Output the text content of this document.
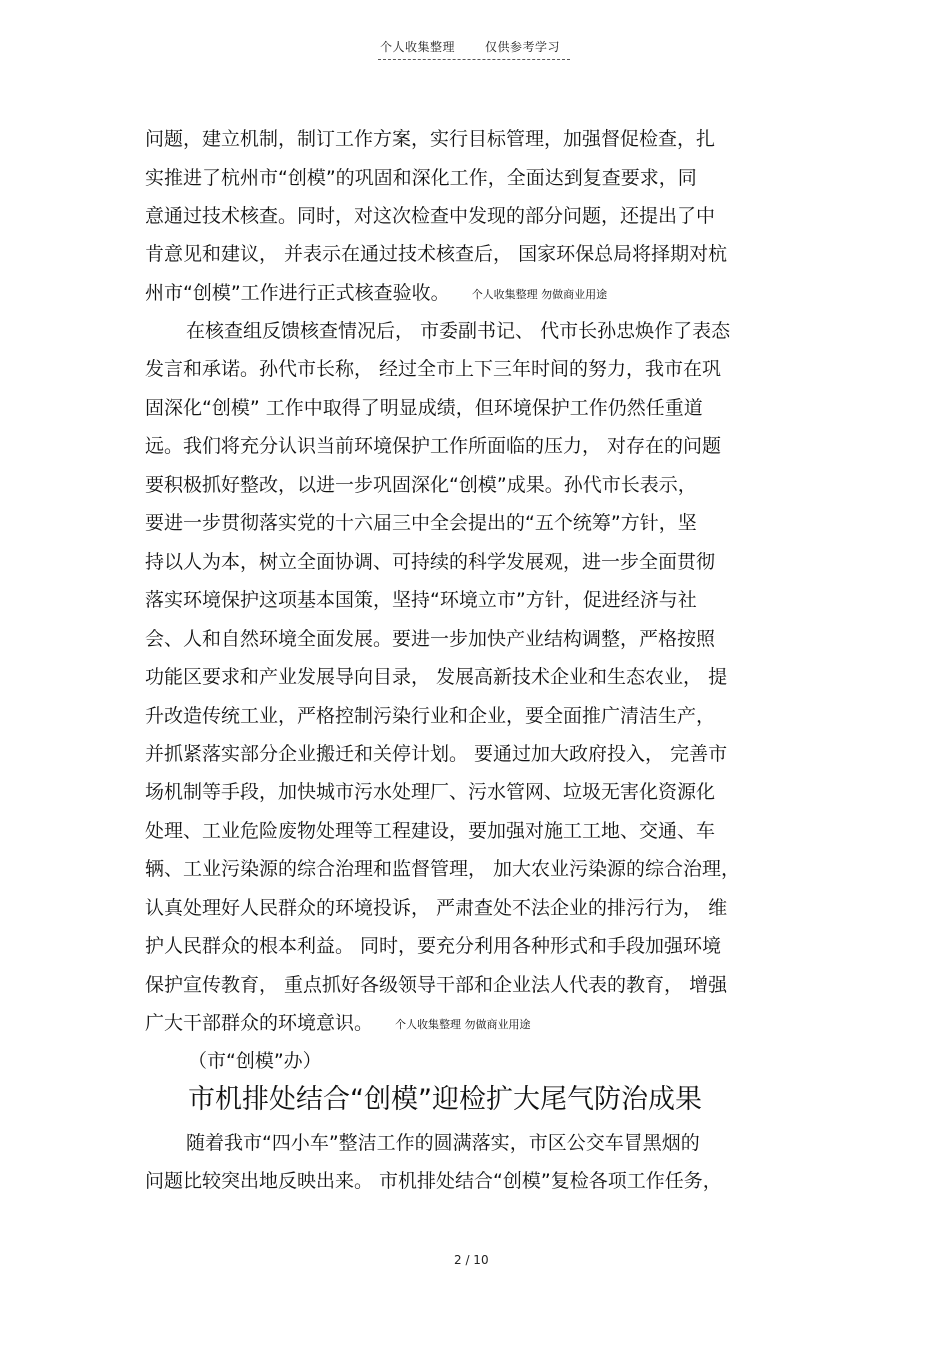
个人收集整理	仅供参考学习
问题，建立机制，制订工作方案，实行目标管理，加强督促检查，扎
实推进了杭州市“创模”的巩固和深化工作，全面达到复查要求，同
意通过技术核查。同时，对这次检查中发现的部分问题，还提出了中
肯意见和建议， 并表示在通过技术核查后， 国家环保总局将择期对杭
州市“创模”工作进行正式核查验收。 个人收集整理 勿做商业用途
在核查组反馈核查情况后， 市委副书记、 代市长孙忠焕作了表态
发言和承诺。孙代市长称， 经过全市上下三年时间的努力，我市在巩
固深化“创模” 工作中取得了明显成绩，但环境保护工作仍然任重道
远。我们将充分认识当前环境保护工作所面临的压力， 对存在的问题
要积极抓好整改，以进一步巩固深化“创模”成果。孙代市长表示，
要进一步贯彻落实党的十六届三中全会提出的“五个统筹”方针，坚
持以人为本，树立全面协调、可持续的科学发展观，进一步全面贯彻
落实环境保护这项基本国策，坚持“环境立市”方针，促进经济与社
会、人和自然环境全面发展。要进一步加快产业结构调整，严格按照
功能区要求和产业发展导向目录， 发展高新技术企业和生态农业， 提
升改造传统工业，严格控制污染行业和企业，要全面推广清洁生产，
并抓紧落实部分企业搬迁和关停计划。 要通过加大政府投入， 完善市
场机制等手段，加快城市污水处理厂、污水管网、垃圾无害化资源化
处理、工业危险废物处理等工程建设，要加强对施工工地、交通、车
辆、工业污染源的综合治理和监督管理， 加大农业污染源的综合治理，
认真处理好人民群众的环境投诉， 严肃查处不法企业的排污行为， 维
护人民群众的根本利益。 同时，要充分利用各种形式和手段加强环境
保护宣传教育， 重点抓好各级领导干部和企业法人代表的教育， 增强
广大干部群众的环境意识。 个人收集整理 勿做商业用途
（市“创模”办）
市机排处结合“创模”迎检扩大尾气防治成果
随着我市“四小车”整洁工作的圆满落实，市区公交车冒黑烟的
问题比较突出地反映出来。 市机排处结合“创模”复检各项工作任务，
2 / 10
